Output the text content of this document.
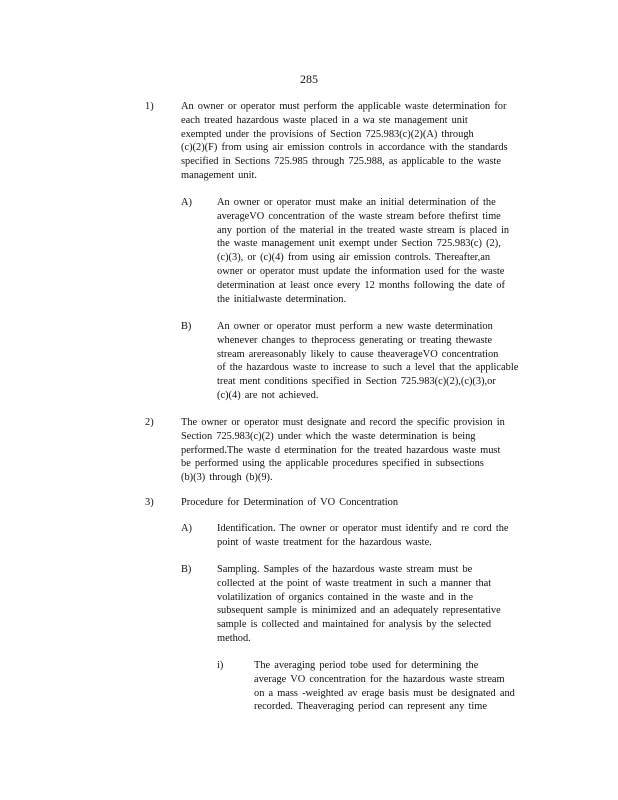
285
1)	An owner or operator must perform the applicable waste determination for
each treated hazardous waste placed in a wa ste management unit
exempted under the provisions of Section 725.983(c)(2)(A) through
(c)(2)(F) from using air emission controls in accordance with the standards
specified in Sections 725.985 through 725.988, as applicable to the waste
management unit.
A) An owner or operator must make an initial determination of the
averageVO concentration of the waste stream before thefirst time
any portion of the material in the treated waste stream is placed in
the waste management unit exempt under Section 725.983(c) (2),
(c)(3), or (c)(4) from using air emission controls. Thereafter,an
owner or operator must update the information used for the waste
determination at least once every 12 months following the date of
the initialwaste determination.
B) An owner or operator must perform a new waste determination
whenever changes to theprocess generating or treating thewaste
stream arereasonably likely to cause theaverageVO concentration
of the hazardous waste to increase to such a level that the applicable
treat ment conditions specified in Section 725.983(c)(2),(c)(3),or
(c)(4) are not achieved.
2)	The owner or operator must designate and record the specific provision in
Section 725.983(c)(2) under which the waste determination is being
performed.The waste d etermination for the treated hazardous waste must
be performed using the applicable procedures specified in subsections
(b)(3) through (b)(9).
3)	Procedure for Determination of VO Concentration
A) Identification. The owner or operator must identify and re cord the
point of waste treatment for the hazardous waste.
B) Sampling. Samples of the hazardous waste stream must be
collected at the point of waste treatment in such a manner that
volatilization of organics contained in the waste and in the
subsequent sample is minimized and an adequately representative
sample is collected and maintained for analysis by the selected
method.
i)	The averaging period tobe used for determining the
average VO concentration for the hazardous waste stream
on a mass -weighted av erage basis must be designated and
recorded. Theaveraging period can represent any time
